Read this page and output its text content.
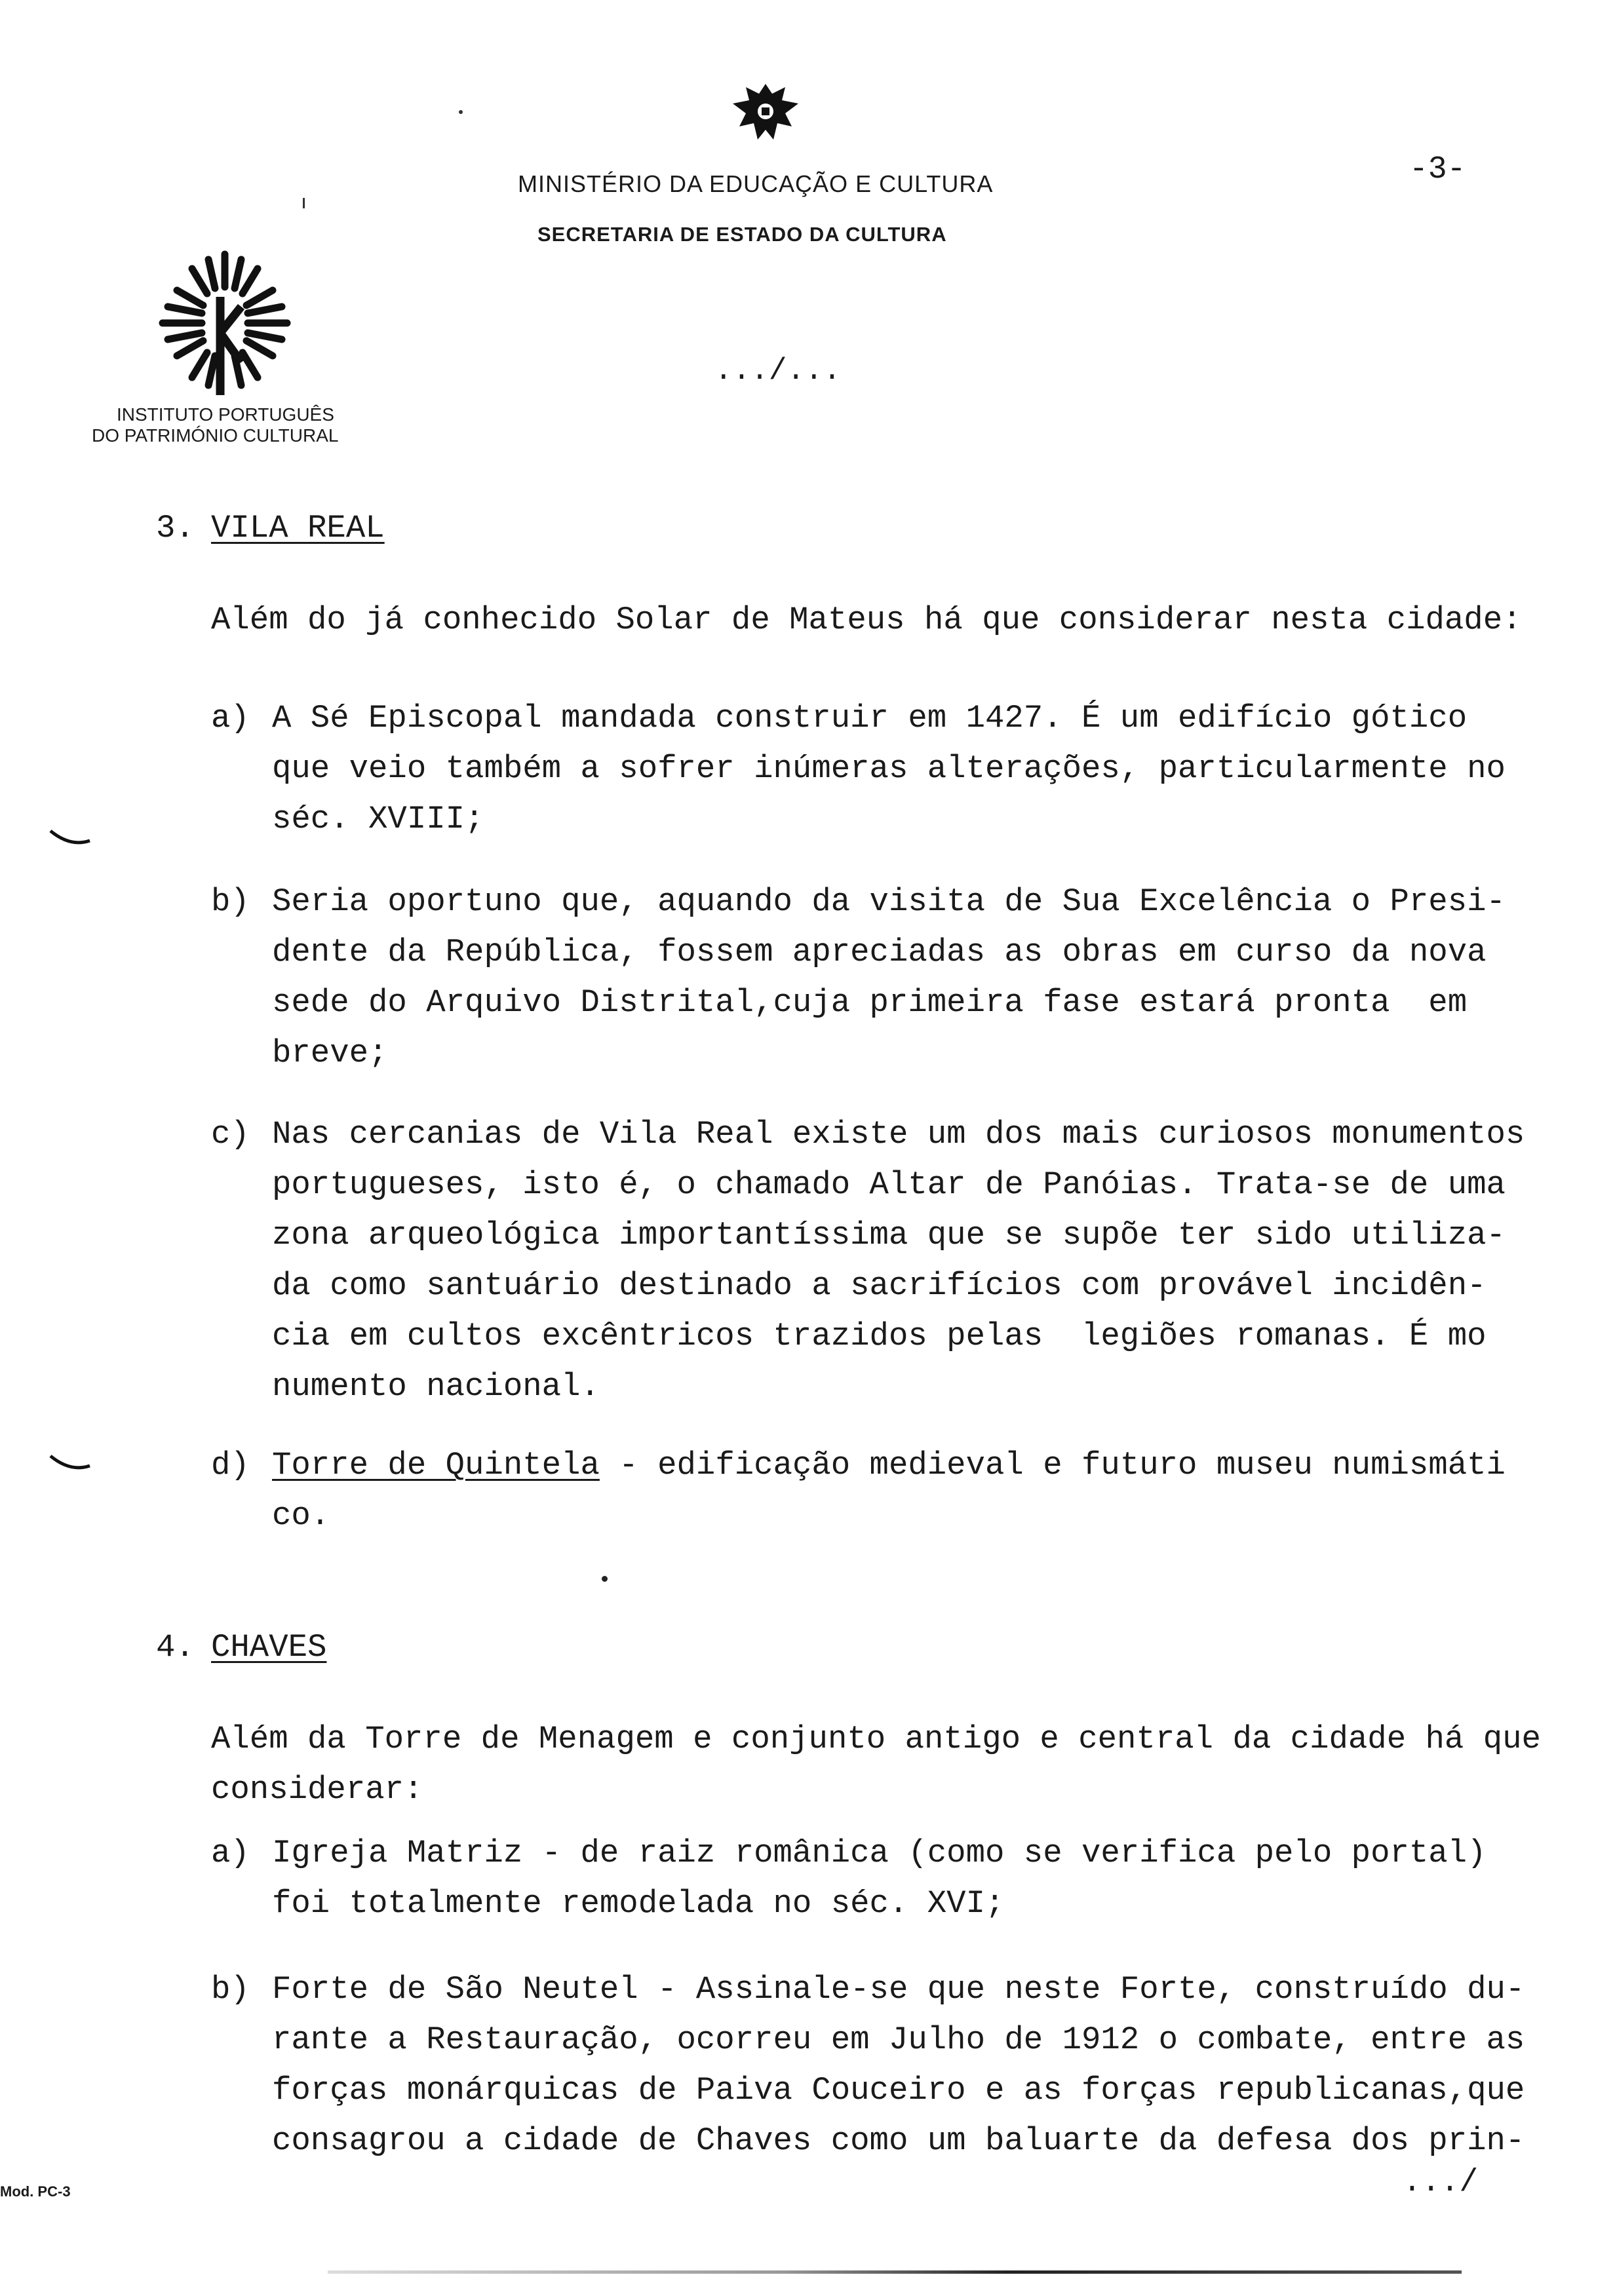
MINISTÉRIO DA EDUCAÇÃO E CULTURA
SECRETARIA DE ESTADO DA CULTURA
-3-
.../...
INSTITUTO PORTUGUÊS
DO PATRIMÓNIO CULTURAL
3. VILA REAL
Além do já conhecido Solar de Mateus há que considerar nesta cidade:
a) A Sé Episcopal mandada construir em 1427. É um edifício gótico
que veio também a sofrer inúmeras alterações, particularmente no
séc. XVIII;
b) Seria oportuno que, aquando da visita de Sua Excelência o Presi-
dente da República, fossem apreciadas as obras em curso da nova
sede do Arquivo Distrital,cuja primeira fase estará pronta  em
breve;
c) Nas cercanias de Vila Real existe um dos mais curiosos monumentos
portugueses, isto é, o chamado Altar de Panóias. Trata-se de uma
zona arqueológica importantíssima que se supõe ter sido utiliza-
da como santuário destinado a sacrifícios com provável incidên-
cia em cultos excêntricos trazidos pelas  legiões romanas. É mo
numento nacional.
d) Torre de Quintela - edificação medieval e futuro museu numismáti
co.
4. CHAVES
Além da Torre de Menagem e conjunto antigo e central da cidade há que
considerar:
a) Igreja Matriz - de raiz românica (como se verifica pelo portal)
foi totalmente remodelada no séc. XVI;
b) Forte de São Neutel - Assinale-se que neste Forte, construído du-
rante a Restauração, ocorreu em Julho de 1912 o combate, entre as
forças monárquicas de Paiva Couceiro e as forças republicanas,que
consagrou a cidade de Chaves como um baluarte da defesa dos prin-
.../
Mod. PC-3
